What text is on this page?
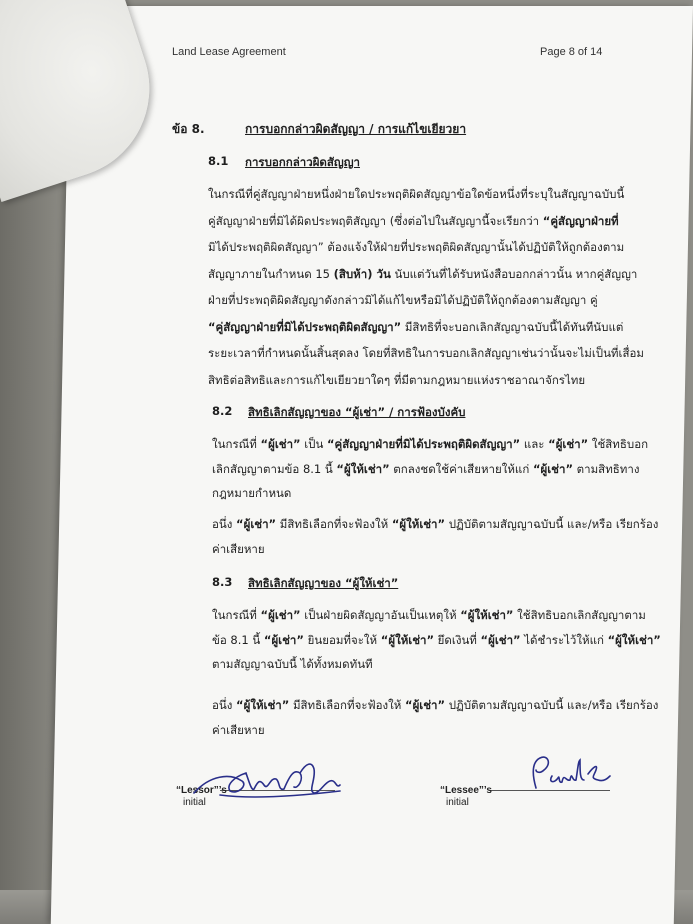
Land Lease Agreement	Page 8 of 14
ข้อ 8.	การบอกกล่าวผิดสัญญา / การแก้ไขเยียวยา
8.1 การบอกกล่าวผิดสัญญา
ในกรณีที่คู่สัญญาฝ่ายหนึ่งฝ่ายใดประพฤติผิดสัญญาข้อใดข้อหนึ่งที่ระบุในสัญญาฉบับนี้
คู่สัญญาฝ่ายที่มิได้ผิดประพฤติสัญญา (ซึ่งต่อไปในสัญญานี้จะเรียกว่า “คู่สัญญาฝ่ายที่
มิได้ประพฤติผิดสัญญา” ต้องแจ้งให้ฝ่ายที่ประพฤติผิดสัญญานั้นได้ปฏิบัติให้ถูกต้องตาม
สัญญาภายในกำหนด 15 (สิบห้า) วัน นับแต่วันที่ได้รับหนังสือบอกกล่าวนั้น หากคู่สัญญา
ฝ่ายที่ประพฤติผิดสัญญาดังกล่าวมิได้แก้ไขหรือมิได้ปฏิบัติให้ถูกต้องตามสัญญา คู่
“คู่สัญญาฝ่ายที่มิได้ประพฤติผิดสัญญา” มีสิทธิที่จะบอกเลิกสัญญาฉบับนี้ได้ทันทีนับแต่
ระยะเวลาที่กำหนดนั้นสิ้นสุดลง โดยที่สิทธิในการบอกเลิกสัญญาเช่นว่านั้นจะไม่เป็นที่เสื่อม
สิทธิต่อสิทธิและการแก้ไขเยียวยาใดๆ ที่มีตามกฎหมายแห่งราชอาณาจักรไทย
8.2 สิทธิเลิกสัญญาของ “ผู้เช่า” / การฟ้องบังคับ
ในกรณีที่ “ผู้เช่า” เป็น “คู่สัญญาฝ่ายที่มิได้ประพฤติผิดสัญญา” และ “ผู้เช่า” ใช้สิทธิบอก
เลิกสัญญาตามข้อ 8.1 นี้ “ผู้ให้เช่า” ตกลงชดใช้ค่าเสียหายให้แก่ “ผู้เช่า” ตามสิทธิทาง
กฎหมายกำหนด
อนึ่ง “ผู้เช่า” มีสิทธิเลือกที่จะฟ้องให้ “ผู้ให้เช่า” ปฏิบัติตามสัญญาฉบับนี้ และ/หรือ เรียกร้อง
ค่าเสียหาย
8.3 สิทธิเลิกสัญญาของ “ผู้ให้เช่า”
ในกรณีที่ “ผู้เช่า” เป็นฝ่ายผิดสัญญาอันเป็นเหตุให้ “ผู้ให้เช่า” ใช้สิทธิบอกเลิกสัญญาตาม
ข้อ 8.1 นี้ “ผู้เช่า” ยินยอมที่จะให้ “ผู้ให้เช่า” ยึดเงินที่ “ผู้เช่า” ได้ชำระไว้ให้แก่ “ผู้ให้เช่า”
ตามสัญญาฉบับนี้ ได้ทั้งหมดทันที
อนึ่ง “ผู้ให้เช่า” มีสิทธิเลือกที่จะฟ้องให้ “ผู้เช่า” ปฏิบัติตามสัญญาฉบับนี้ และ/หรือ เรียกร้อง
ค่าเสียหาย
“Lessor”’s
initial
“Lessee”’s
initial
